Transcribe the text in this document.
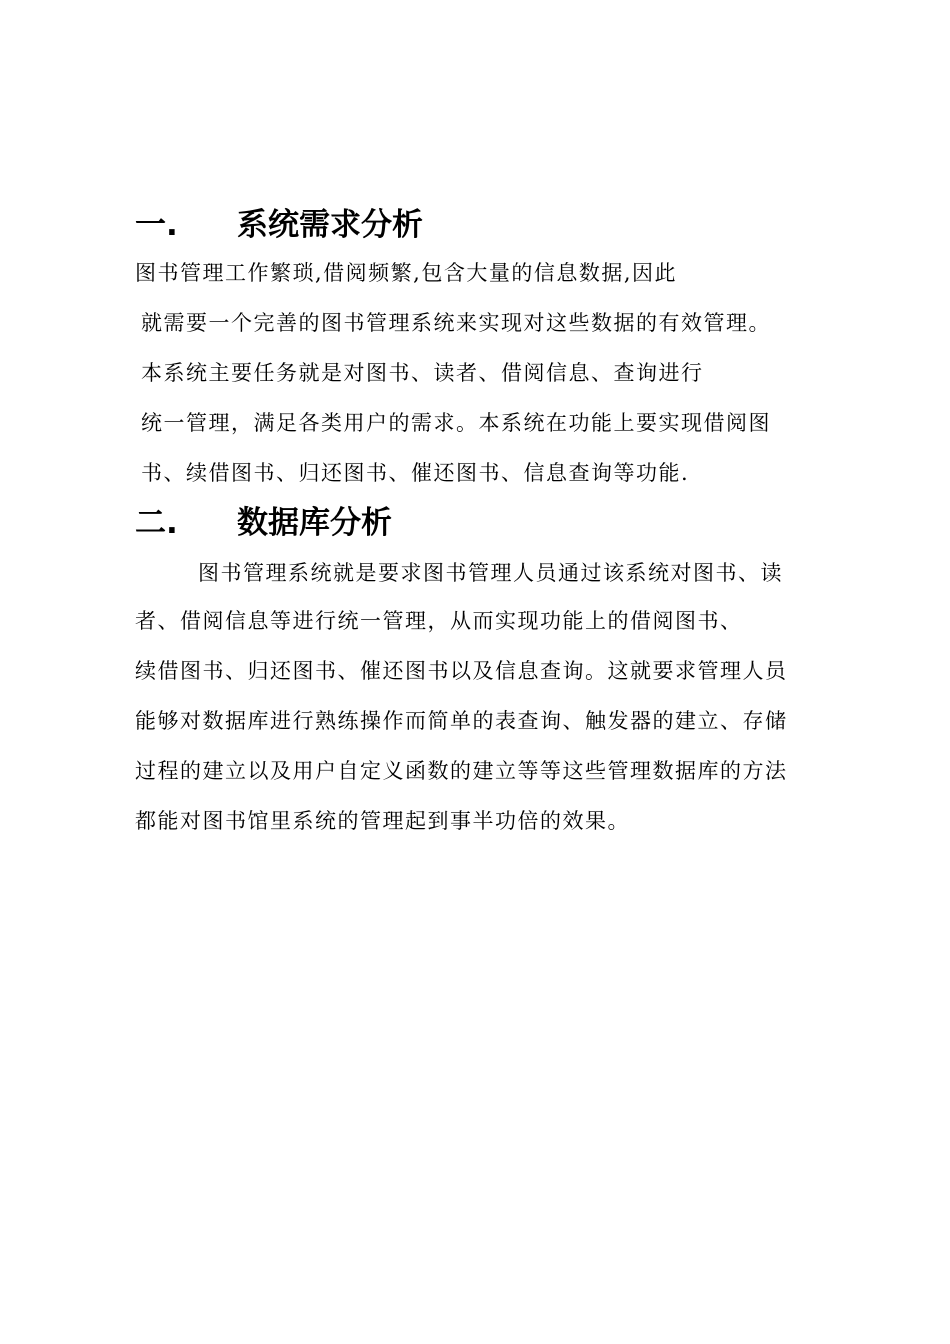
一. 系统需求分析
图书管理工作繁琐,借阅频繁,包含大量的信息数据,因此
就需要一个完善的图书管理系统来实现对这些数据的有效管理。
本系统主要任务就是对图书、读者、借阅信息、查询进行
统一管理，满足各类用户的需求。本系统在功能上要实现借阅图
书、续借图书、归还图书、催还图书、信息查询等功能.
二. 数据库分析
图书管理系统就是要求图书管理人员通过该系统对图书、读
者、借阅信息等进行统一管理，从而实现功能上的借阅图书、
续借图书、归还图书、催还图书以及信息查询。这就要求管理人员
能够对数据库进行熟练操作而简单的表查询、触发器的建立、存储
过程的建立以及用户自定义函数的建立等等这些管理数据库的方法
都能对图书馆里系统的管理起到事半功倍的效果。
